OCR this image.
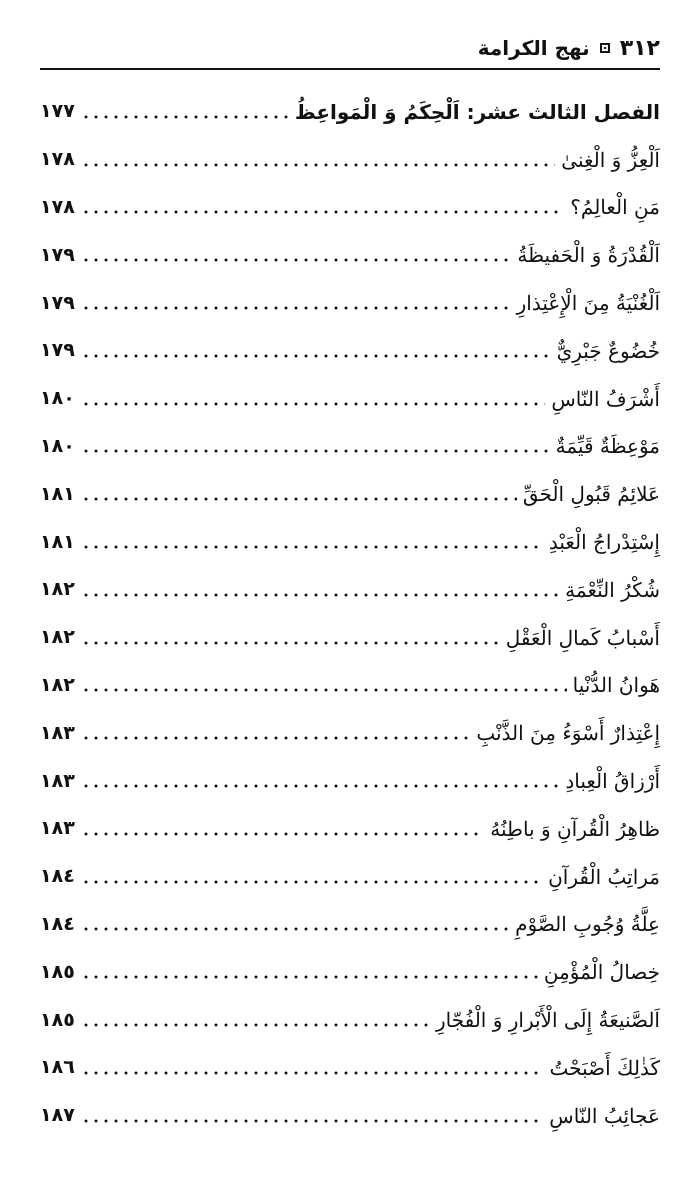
٣١٢
نهج الكرامة
الفصل الثالث عشر: اَلْحِكَمُ وَ الْمَواعِظُ
١٧٧
اَلْعِزُّ وَ الْغِنىٰ
١٧٨
مَنِ الْعالِمُ؟
١٧٨
اَلْقُدْرَةُ وَ الْحَفيظَةُ
١٧٩
اَلْغُنْيَةُ مِنَ الْإِعْتِذارِ
١٧٩
خُضُوعٌ جَبْرِيٌّ
١٧٩
أَشْرَفُ النّاسِ
١٨٠
مَوْعِظَةٌ قَيِّمَةٌ
١٨٠
عَلائِمُ قَبُولِ الْحَقِّ
١٨١
إِسْتِدْراجُ الْعَبْدِ
١٨١
شُكْرُ النِّعْمَةِ
١٨٢
أَسْبابُ كَمالِ الْعَقْلِ
١٨٢
هَوانُ الدُّنْيا
١٨٢
إِعْتِذارٌ أَسْوَءُ مِنَ الذَّنْبِ
١٨٣
أَرْزاقُ الْعِبادِ
١٨٣
ظاهِرُ الْقُرآنِ وَ باطِنُهُ
١٨٣
مَراتِبُ الْقُرآنِ
١٨٤
عِلَّةُ وُجُوبِ الصَّوْمِ
١٨٤
خِصالُ الْمُؤْمِنِ
١٨٥
اَلصَّنيعَةُ إِلَى الْأَبْرارِ وَ الْفُجّارِ
١٨٥
كَذٰلِكَ أَصْبَحْتُ
١٨٦
عَجائِبُ النّاسِ
١٨٧
